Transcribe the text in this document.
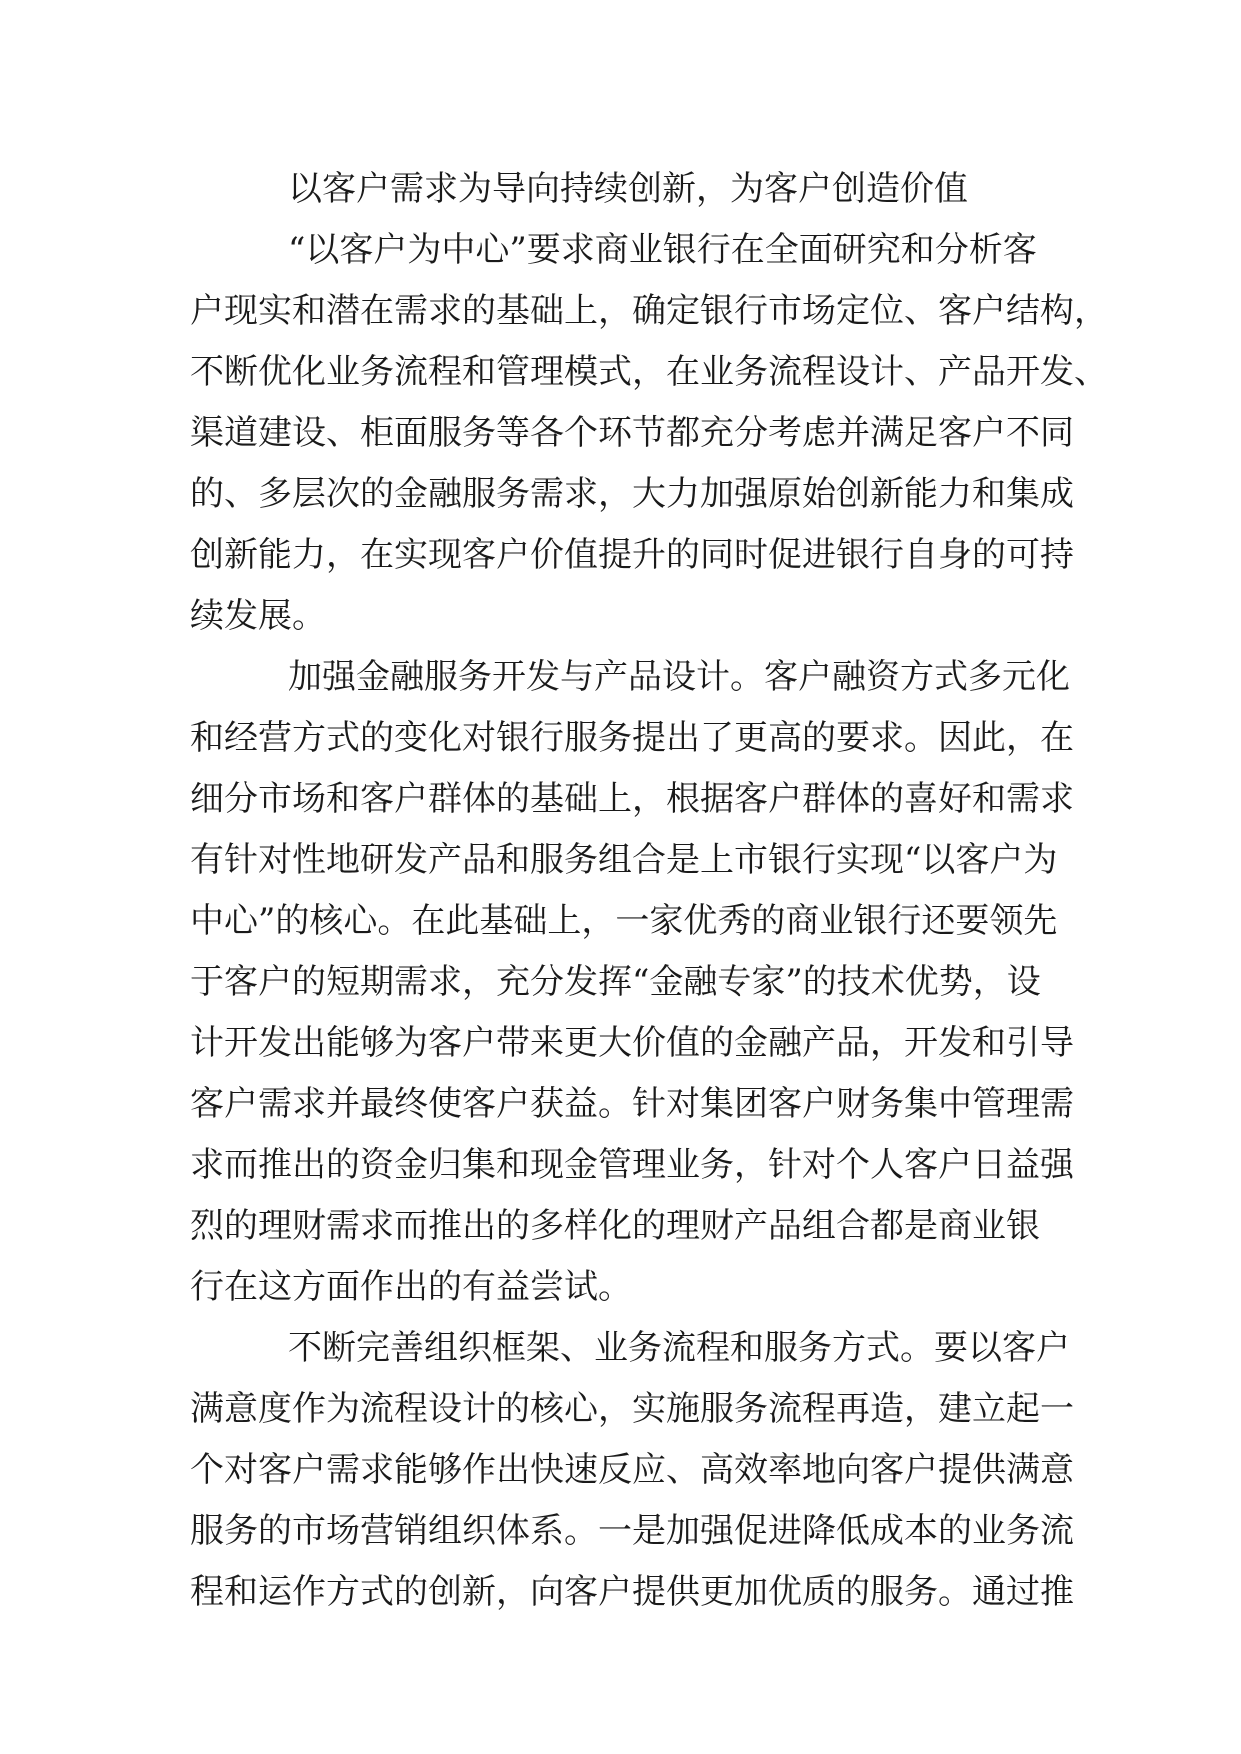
以客户需求为导向持续创新，为客户创造价值

“以客户为中心”要求商业银行在全面研究和分析客
户现实和潜在需求的基础上，确定银行市场定位、客户结构，
不断优化业务流程和管理模式，在业务流程设计、产品开发、
渠道建设、柜面服务等各个环节都充分考虑并满足客户不同
的、多层次的金融服务需求，大力加强原始创新能力和集成
创新能力，在实现客户价值提升的同时促进银行自身的可持
续发展。

加强金融服务开发与产品设计。客户融资方式多元化
和经营方式的变化对银行服务提出了更高的要求。因此，在
细分市场和客户群体的基础上，根据客户群体的喜好和需求
有针对性地研发产品和服务组合是上市银行实现“以客户为
中心”的核心。在此基础上，一家优秀的商业银行还要领先
于客户的短期需求，充分发挥“金融专家”的技术优势，设
计开发出能够为客户带来更大价值的金融产品，开发和引导
客户需求并最终使客户获益。针对集团客户财务集中管理需
求而推出的资金归集和现金管理业务，针对个人客户日益强
烈的理财需求而推出的多样化的理财产品组合都是商业银
行在这方面作出的有益尝试。

不断完善组织框架、业务流程和服务方式。要以客户
满意度作为流程设计的核心，实施服务流程再造，建立起一
个对客户需求能够作出快速反应、高效率地向客户提供满意
服务的市场营销组织体系。一是加强促进降低成本的业务流
程和运作方式的创新，向客户提供更加优质的服务。通过推
